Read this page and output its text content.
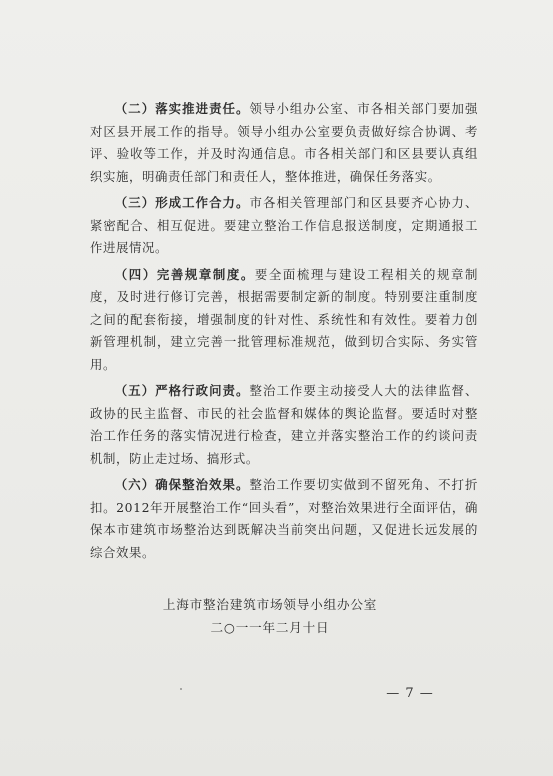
（二）落实推进责任。领导小组办公室、市各相关部门要加强对区县开展工作的指导。领导小组办公室要负责做好综合协调、考评、验收等工作，并及时沟通信息。市各相关部门和区县要认真组织实施，明确责任部门和责任人，整体推进，确保任务落实。

（三）形成工作合力。市各相关管理部门和区县要齐心协力、紧密配合、相互促进。要建立整治工作信息报送制度，定期通报工作进展情况。

（四）完善规章制度。要全面梳理与建设工程相关的规章制度，及时进行修订完善，根据需要制定新的制度。特别要注重制度之间的配套衔接，增强制度的针对性、系统性和有效性。要着力创新管理机制，建立完善一批管理标准规范，做到切合实际、务实管用。

（五）严格行政问责。整治工作要主动接受人大的法律监督、政协的民主监督、市民的社会监督和媒体的舆论监督。要适时对整治工作任务的落实情况进行检查，建立并落实整治工作的约谈问责机制，防止走过场、搞形式。

（六）确保整治效果。整治工作要切实做到不留死角、不打折扣。2012年开展整治工作“回头看”，对整治效果进行全面评估，确保本市建筑市场整治达到既解决当前突出问题，又促进长远发展的综合效果。

上海市整治建筑市场领导小组办公室
二○一一年二月十日
— 7 —
